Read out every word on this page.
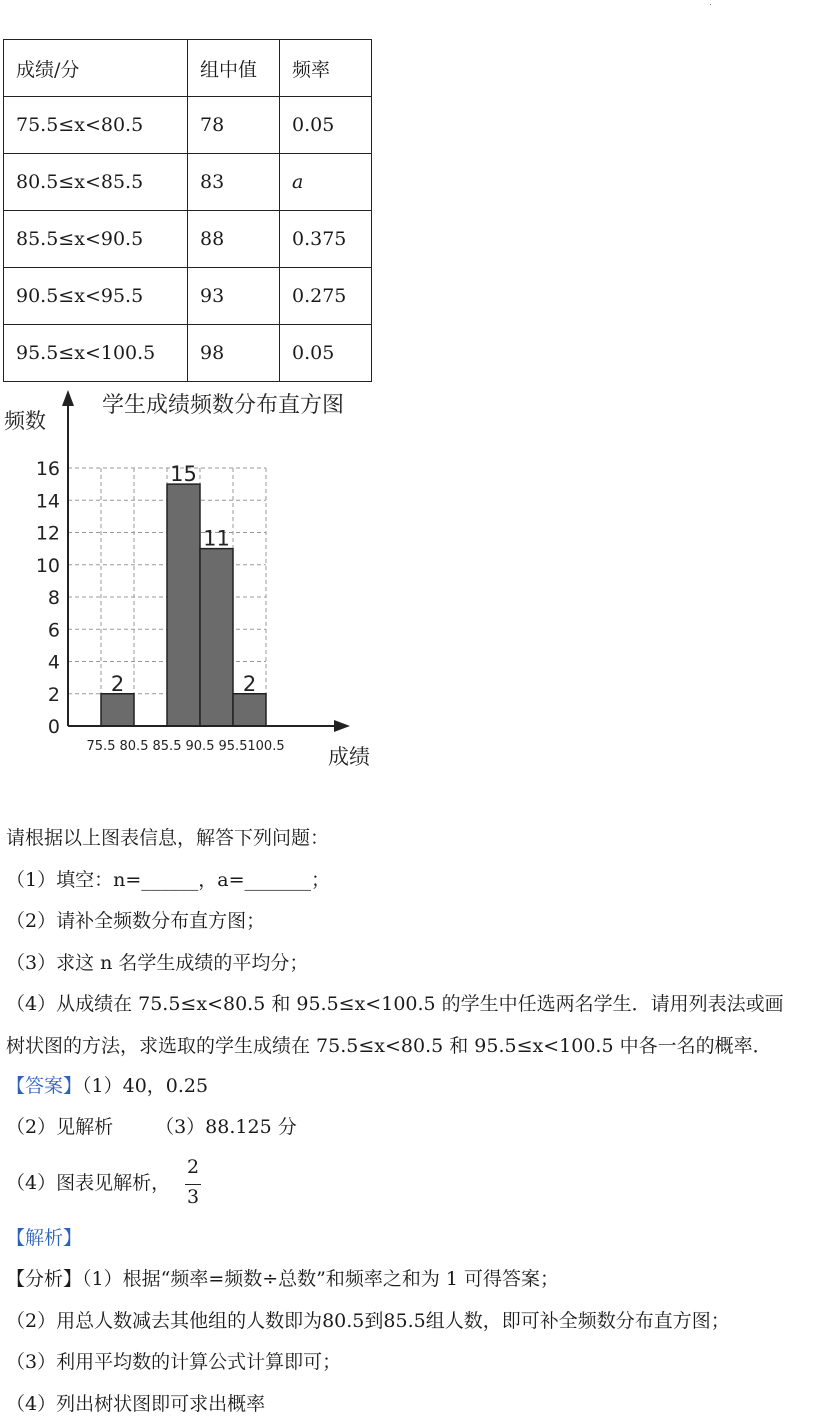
成绩/分	组中值	频率
75.5≤x<80.5	78	0.05
80.5≤x<85.5	83	a
85.5≤x<90.5	88	0.375
90.5≤x<95.5	93	0.275
95.5≤x<100.5	98	0.05
2
15
11
2
0
2
4
6
8
10
12
14
16
75.5 80.5 85.5 90.5 95.5 100.5
学生成绩频数分布直方图
频数
成绩
请根据以上图表信息，解答下列问题：
（1）填空：n=______，a=_______；
（2）请补全频数分布直方图；
（3）求这 n 名学生成绩的平均分；
（4）从成绩在 75.5≤x<80.5 和 95.5≤x<100.5 的学生中任选两名学生．请用列表法或画
树状图的方法，求选取的学生成绩在 75.5≤x<80.5 和 95.5≤x<100.5 中各一名的概率．
【答案】（1）40，0.25
（2）见解析 （3）88.125 分
（4）图表见解析，
2
3
【解析】
【分析】（1）根据“频率=频数÷总数”和频率之和为 1 可得答案；
（2）用总人数减去其他组的人数即为80.5到85.5组人数，即可补全频数分布直方图；
（3）利用平均数的计算公式计算即可；
（4）列出树状图即可求出概率
